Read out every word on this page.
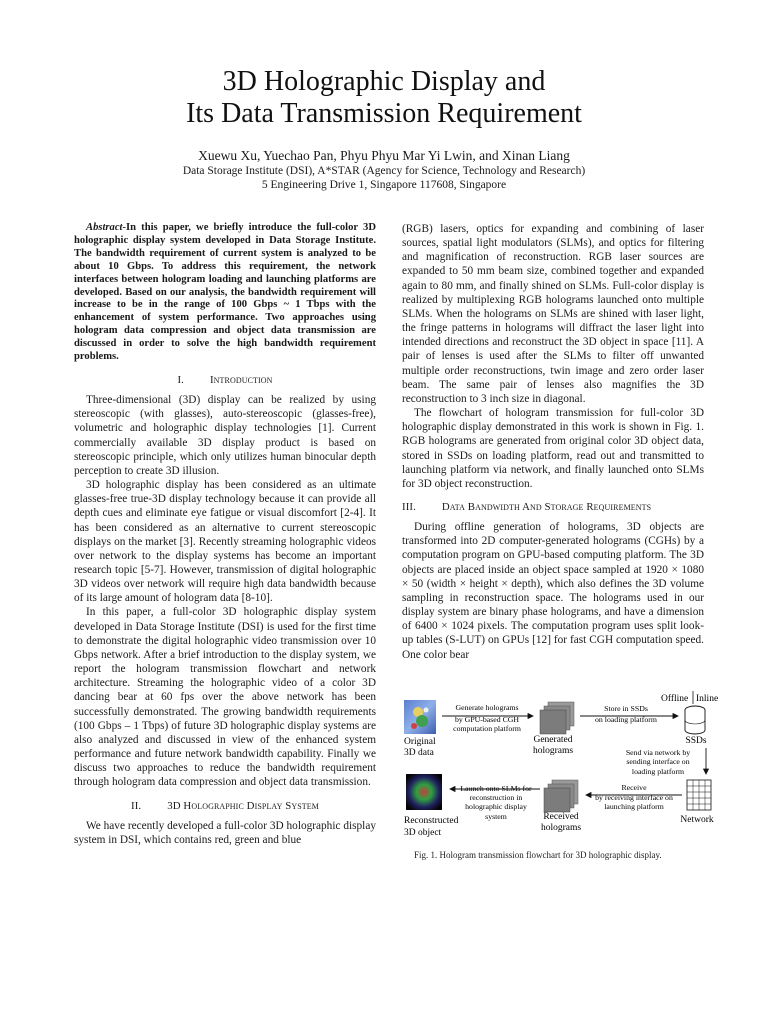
3D Holographic Display and
Its Data Transmission Requirement
Xuewu Xu, Yuechao Pan, Phyu Phyu Mar Yi Lwin, and Xinan Liang
Data Storage Institute (DSI), A*STAR (Agency for Science, Technology and Research)
5 Engineering Drive 1, Singapore 117608, Singapore

Abstract-In this paper, we briefly introduce the full-color 3D holographic display system developed in Data Storage Institute. The bandwidth requirement of current system is analyzed to be about 10 Gbps. To address this requirement, the network interfaces between hologram loading and launching platforms are developed. Based on our analysis, the bandwidth requirement will increase to be in the range of 100 Gbps ~ 1 Tbps with the enhancement of system performance. Two approaches using hologram data compression and object data transmission are discussed in order to solve the high bandwidth requirement problems.

I. Introduction

Three-dimensional (3D) display can be realized by using stereoscopic (with glasses), auto-stereoscopic (glasses-free), volumetric and holographic display technologies [1]. Current commercially available 3D display product is based on stereoscopic principle, which only utilizes human binocular depth perception to create 3D illusion.

3D holographic display has been considered as an ultimate glasses-free true-3D display technology because it can provide all depth cues and eliminate eye fatigue or visual discomfort [2-4]. It has been considered as an alternative to current stereoscopic displays on the market [3]. Recently streaming holographic videos over network to the display systems has become an important research topic [5-7]. However, transmission of digital holographic 3D videos over network will require high data bandwidth because of its large amount of hologram data [8-10].

In this paper, a full-color 3D holographic display system developed in Data Storage Institute (DSI) is used for the first time to demonstrate the digital holographic video transmission over 10 Gbps network. After a brief introduction to the display system, we report the hologram transmission flowchart and network architecture. Streaming the holographic video of a color 3D dancing bear at 60 fps over the above network has been successfully demonstrated. The growing bandwidth requirements (100 Gbps – 1 Tbps) of future 3D holographic display systems are also analyzed and discussed in view of the enhanced system performance and future network bandwidth capability. Finally we discuss two approaches to reduce the bandwidth requirement through hologram data compression and object data transmission.

II. 3D Holographic Display System

We have recently developed a full-color 3D holographic display system in DSI, which contains red, green and blue

(RGB) lasers, optics for expanding and combining of laser sources, spatial light modulators (SLMs), and optics for filtering and magnification of reconstruction. RGB laser sources are expanded to 50 mm beam size, combined together and expanded again to 80 mm, and finally shined on SLMs. Full-color display is realized by multiplexing RGB holograms launched onto multiple SLMs. When the holograms on SLMs are shined with laser light, the fringe patterns in holograms will diffract the laser light into intended directions and reconstruct the 3D object in space [11]. A pair of lenses is used after the SLMs to filter off unwanted multiple order reconstructions, twin image and zero order laser beam. The same pair of lenses also magnifies the 3D reconstruction to 3 inch size in diagonal.

The flowchart of hologram transmission for full-color 3D holographic display demonstrated in this work is shown in Fig. 1. RGB holograms are generated from original color 3D object data, stored in SSDs on loading platform, read out and transmitted to launching platform via network, and finally launched onto SLMs for 3D object reconstruction.

III. Data Bandwidth And Storage Requirements

During offline generation of holograms, 3D objects are transformed into 2D computer-generated holograms (CGHs) by a computation program on GPU-based computing platform. The 3D objects are placed inside an object space sampled at 1920 × 1080 × 50 (width × height × depth), which also defines the 3D volume sampling in reconstruction space. The holograms used in our display system are binary phase holograms, and have a dimension of 6400 × 1024 pixels. The computation program uses split look-up tables (S-LUT) on GPUs [12] for fast CGH computation speed. One color bear

Offline Inline
Original
3D data
Generate holograms
by GPU-based CGH
computation platform
Generated
holograms
Store in SSDs
on loading platform
SSDs
Send via network by
sending interface on
loading platform
Network
Receive
by receiving interface on
launching platform
Received
holograms
Launch onto SLMs for
reconstruction in
holographic display
system
Reconstructed
3D object
Fig. 1. Hologram transmission flowchart for 3D holographic display.
